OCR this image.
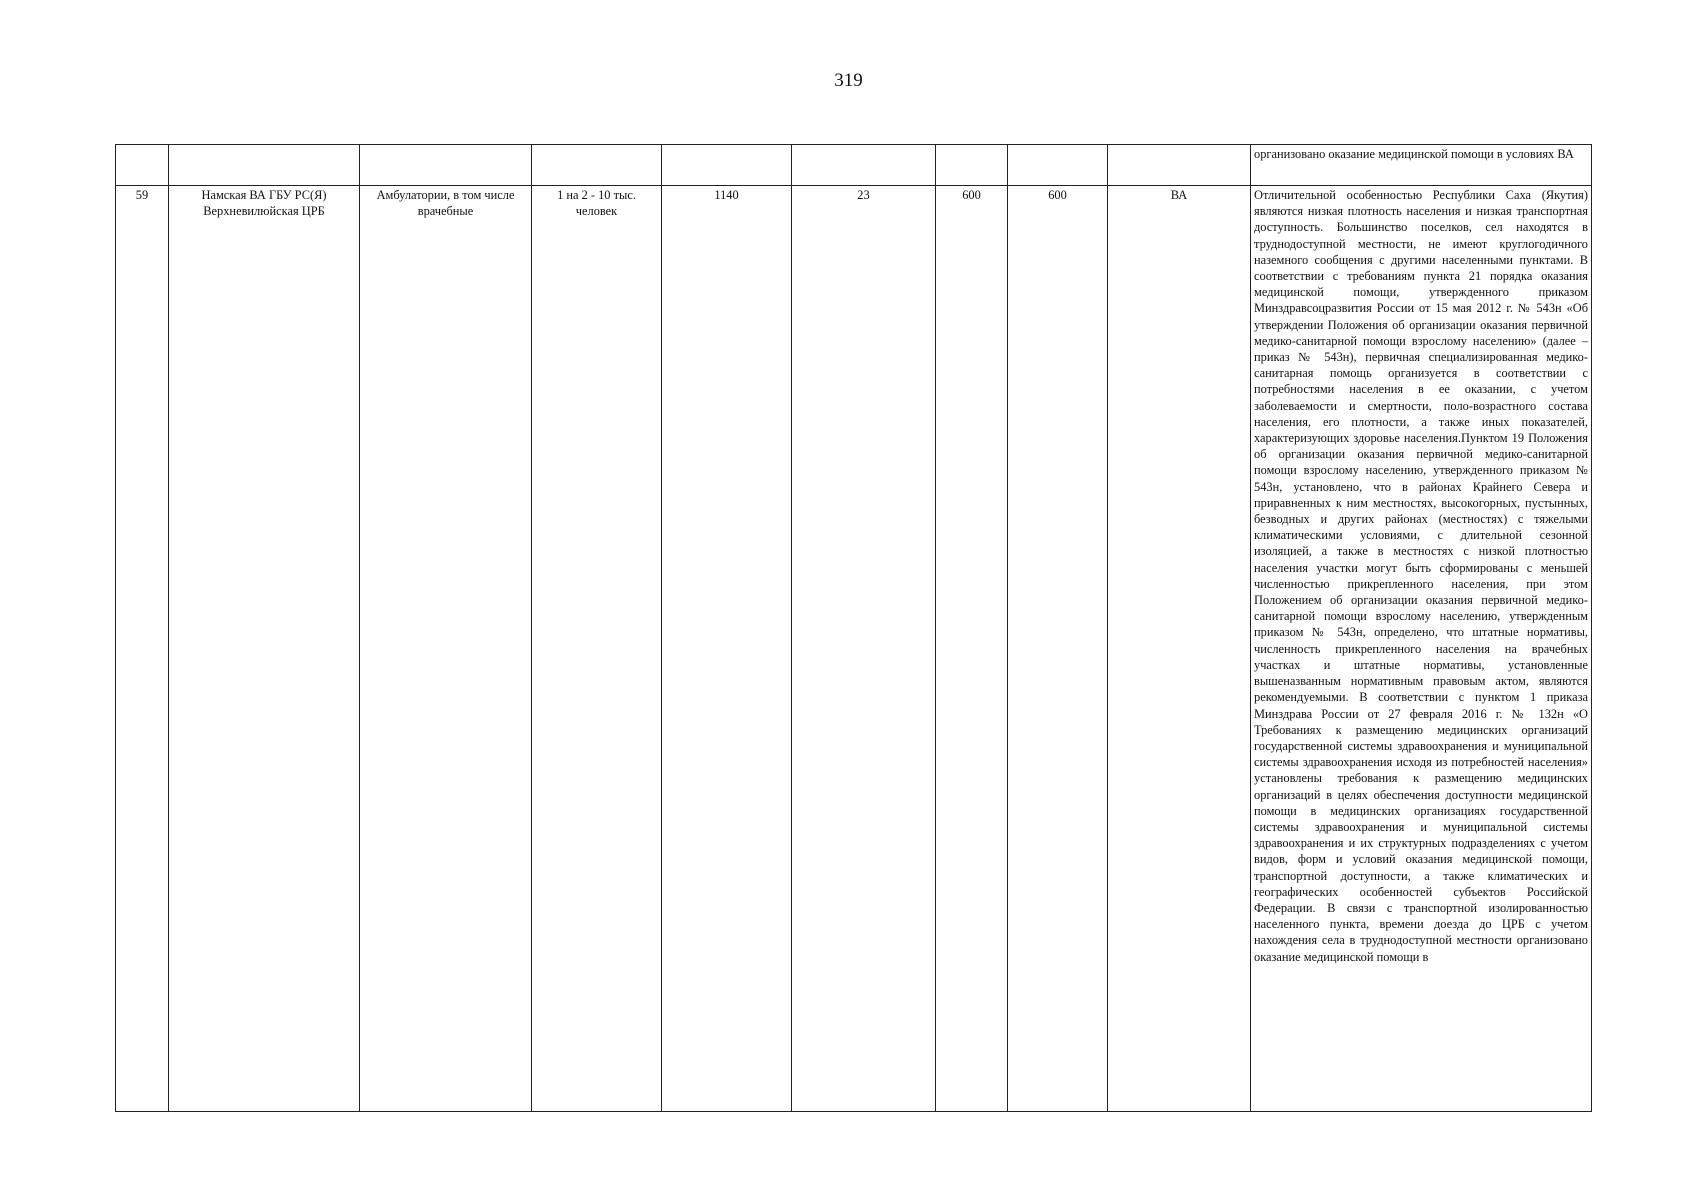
319
									организовано оказание медицинской помощи в условиях ВА
59	Намская ВА ГБУ РС(Я) Верхневилюйская ЦРБ	Амбулатории, в том числе врачебные	1 на 2 - 10 тыс. человек	1140	23	600	600	ВА	Отличительной особенностью Республики Саха (Якутия) являются низкая плотность населения и низкая транспортная доступность. Большинство поселков, сел находятся в труднодоступной местности, не имеют круглогодичного наземного сообщения с другими населенными пунктами. В соответствии с требованиям пункта 21 порядка оказания медицинской помощи, утвержденного приказом Минздравсоцразвития России от 15 мая 2012 г. № 543н «Об утверждении Положения об организации оказания первичной медико-санитарной помощи взрослому населению» (далее – приказ № 543н), первичная специализированная медико-санитарная помощь организуется в соответствии с потребностями населения в ее оказании, с учетом заболеваемости и смертности, поло-возрастного состава населения, его плотности, а также иных показателей, характеризующих здоровье населения.Пунктом 19 Положения об организации оказания первичной медико-санитарной помощи взрослому населению, утвержденного приказом № 543н, установлено, что в районах Крайнего Севера и приравненных к ним местностях, высокогорных, пустынных, безводных и других районах (местностях) с тяжелыми климатическими условиями, с длительной сезонной изоляцией, а также в местностях с низкой плотностью населения участки могут быть сформированы с меньшей численностью прикрепленного населения, при этом Положением об организации оказания первичной медико-санитарной помощи взрослому населению, утвержденным приказом № 543н, определено, что штатные нормативы, численность прикрепленного населения на врачебных участках и штатные нормативы, установленные вышеназванным нормативным правовым актом, являются рекомендуемыми. В соответствии с пунктом 1 приказа Минздрава России от 27 февраля 2016 г. № 132н «О Требованиях к размещению медицинских организаций государственной системы здравоохранения и муниципальной системы здравоохранения исходя из потребностей населения» установлены требования к размещению медицинских организаций в целях обеспечения доступности медицинской помощи в медицинских организациях государственной системы здравоохранения и муниципальной системы здравоохранения и их структурных подразделениях с учетом видов, форм и условий оказания медицинской помощи, транспортной доступности, а также климатических и географических особенностей субъектов Российской Федерации. В связи с транспортной изолированностью населенного пункта, времени доезда до ЦРБ с учетом нахождения села в труднодоступной местности организовано оказание медицинской помощи в
